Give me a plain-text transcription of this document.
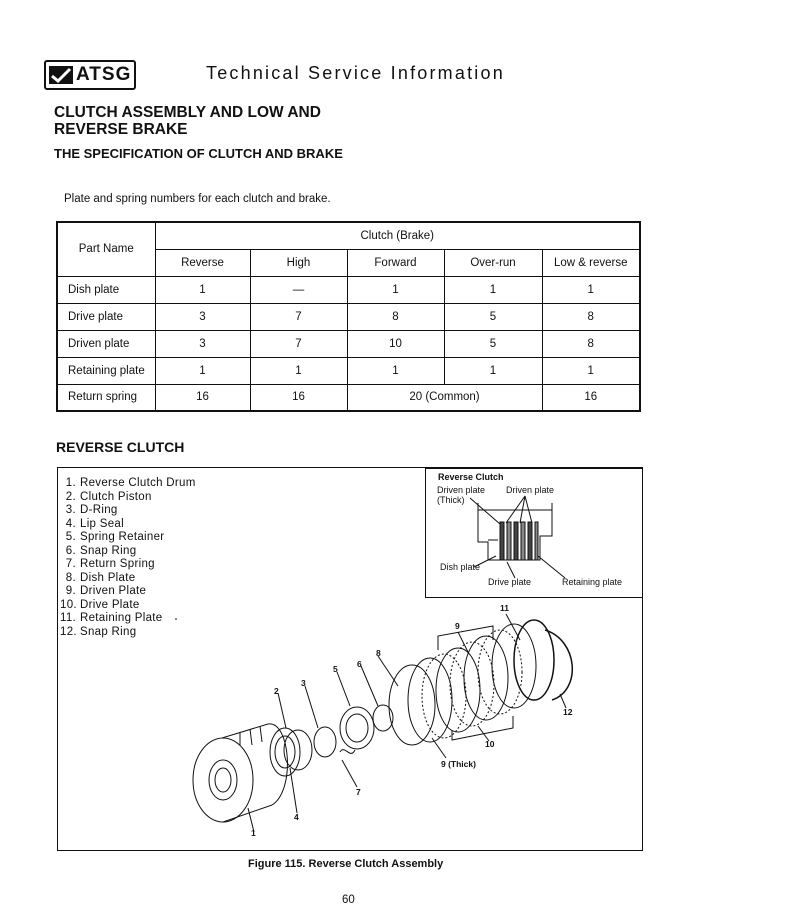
ATSG	Technical Service Information
CLUTCH ASSEMBLY AND LOW AND REVERSE BRAKE
THE SPECIFICATION OF CLUTCH AND BRAKE
Plate and spring numbers for each clutch and brake.
Part Name	Clutch (Brake)				
	Reverse	High	Forward	Over-run	Low & reverse
Dish plate	1	—	1	1	1
Drive plate	3	7	8	5	8
Driven plate	3	7	10	5	8
Retaining plate	1	1	1	1	1
Return spring	16	16	20 (Common)		16
REVERSE CLUTCH
1. Reverse Clutch Drum
2. Clutch Piston
3. D-Ring
4. Lip Seal
5. Spring Retainer
6. Snap Ring
7. Return Spring
8. Dish Plate
9. Driven Plate
10. Drive Plate
11. Retaining Plate
12. Snap Ring
Reverse Clutch
Driven plate
(Thick)
Driven plate
Dish plate
Drive plate	Retaining plate
1
2
3
4
5 6
7
8
9
10
11
12
9 (Thick)
Figure 115. Reverse Clutch Assembly
60
